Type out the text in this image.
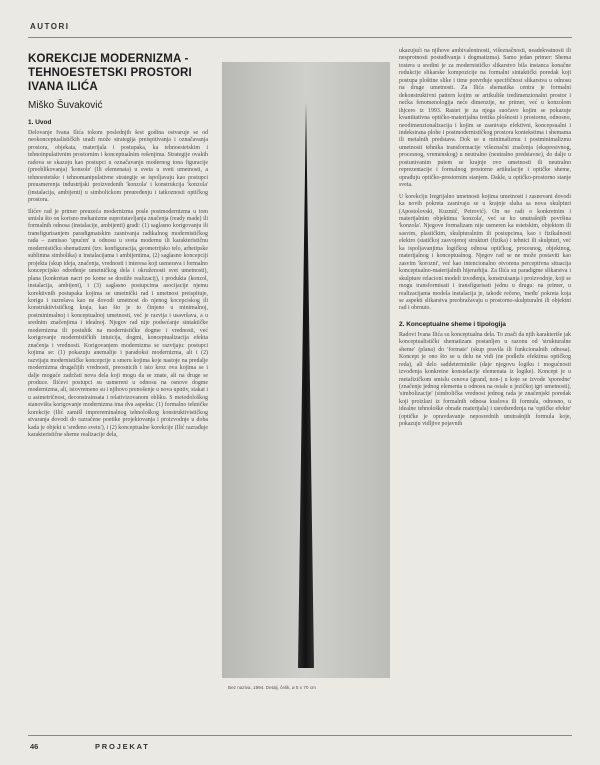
AUTORI
KOREKCIJE MODERNIZMA - TEHNOESTETSKI PROSTORI IVANA ILIĆA
Miško Šuvaković
1. Uvod

Delovanje Ivana Ilića tokom poslednjih šest godina ostvaruje se od neokonceptualističkih uradi može strategija preispitivanja i označavanja prostora, objekata, materijala i postupaka, ka tehnoestetskim i tehnoinpulativnim prostornim i konceptualnim rešenjima. Strategije ovakih radova se skazuju kao postupci u označavanju modernog tona figuracije (preoblikovanja) 'konsole' (Ili elemenata) u sveta u sveti umetnosti, a tehnoestetske i tehnomanipulativne strategije se ispoljavaju kao postupci preusmerenja industrijski proizvedenih 'konzola' i konstrukcija 'konzola' (instalacija, ambijenti) u simbolickom preuređenju i tatkoznosti optičkog prostora.

Ilićev rad je primer preuzeća modernizma posle postmodernizma u tom smislu što on korisno mehanizme suprotstavljanja značenja (ready made) ili formalnih odnosa (instalacije, ambijenti) gradi: (1) saglasno korigovanju ili transfigurisanjem paradigmatskim zasnivanja radikalnog modernističkog rada – zamisao 'upućen' u odnosu u sveta modernu ili karakterističnu modernističku shematizmi (tzv. konfiguracija, geometrijsko telo, arhetipske sublimna simbolika) u instalacijama i ambijentima, (2) saglasno koncepciji projekta (skup ideja, značenja, vrednosti i interesa koji usmerava i formalno koncepcijsko određenje umetničkog dela i okruženosti svet umetnosti), plana (konkretan nacrt po kome se dostiže realizacij), i produkta (konzol, instalacija, ambijent), i (3) saglasno postupcima asocijacije njemu korektivnih postupaka kojima se umetnički rad i umetnost preispituje, korigu i razrešava kao ne dovodi umetnost do njenog kocepciskog ili konstruktivističkog kraja, kao što je to činjeno u minimalnoj, postminimalnoj i konceptualnoj umetnosti, već je razvija i usavršava, a u srednim značenjima i idealnoj. Njegov rad nije podsećanje sintaktičke modernizma ili postuhik na modernističke dogme i vrednosti, već korigovanje modernističkih intuicija, dogmi, konceptualizacija efekta značenja i vrednosti. Korigovanjem modernizma se razvijaju: postupci kojima se: (1) pokazuju anemalije i paradoksi modernizma, ali i (2) razvijaju modernističke koncepcije u smeru kojima koje nastoje na predalje modernizma drugačijih vrednosti, preosnicih i isto kroz ova kojima se i dalje moguće zadržati nova dela koji mogu da se znate, ali na druge se produce. Ilićevi postupci su usmereni u odnosu na osnove dogme modernizma, ali, istovremeno su i njihovo prenošenje u nova uputiv, stakat i u asimetričnost, deconstrainsata i relativizovanom obliku. S metodološkog stanovišta korigovanje modernizma ima dva aspekta: (1) formalno tehničke korekcije (Ilić zamišl imprereminalnog tehnološkog konstruktivističkog stvaranja dovodi do razračene poetike projektovanja i proizvodnje u doba kada je objekt u 'sređeno svetu'), i (2) konceptualne korekcije (Ilić razrađuje karakteristične sheme realizacije dela,

Bez naziva, 1994. Detalj, čelik, ø 5 x 70 cm

ukazujući na njihove ambivalentnosti, višeznačnosti, neadekvatnosti ili nesprotnosti postuđivanja i dogmatizma). Samo jedan primer: Shema tostera u sredini je za modernističko slikarstvo bila instanca konačne redukcije slikarske kompozicije na formalni sintaktički poredak koji postupa ploštine slike i time potvrđuje specifičnost slikarstva u odnosu na druge umetnosti. Za Ilića shematika centra je formalni dekonstruktivni pattern kojim se artikuliše tredimenzionalni prostor i nećka fenomenologija neće dimenzije, ne primer, već u konzolom ihjcero iz 1993. Rastet je za njega suočavo kojim se pokazuje kvantitativna optičko-materijalna tretika plošnosti i prostorne, odnosno, neodimenzionalizacija i kojim se zasnivaju efektivni, koncepsualni i indeksirana plohe i postmodernističkog prostora kontekstima i shemama ili metalnih predstava. Dok se u minimalizmu i postminimalizmu umetnosti tehnika transformacije višeznačni značenja (ekspresivnog, procesnog, vremenskog) u neutralno (neutralno predstavne), do dalje u postunivanim putem se krajnje ovo umetnosti ili neutralno reprezentacije i formalnog prostorne artikulacije i optičke sheme, oprađuju optičko-prostornim stanjem. Dakle, u optičko-prostorno stanje sveta.

U korekciju Iregrijalno umetnosti kojima umetnosti i zasnovani dovodi ka novih pokreta zasnivaju se u krajnje sluha sa nova skulpturi (Apostolovski, Kuzmič, Petrović). On ne radi o konkretnim i materijalnim objektima 'konzola', već se ko unutrašnjih površina 'konzola'. Njegove formalizam nije usmeren ka estetskim, objektom ili sasvim, plastičkim, skulpturalnim ili postupcima, kao i fizikalnosti elektro (statičkoj zasvojenoj strukturi (fizika) i tehnici ili skulpturi, već ka ispoljavanjima logičkog odnosa optičkog, procesnog, objektnog, materijalnog i konceptualnog. Njegov rad se ne može postaviti kao zasvim 'korozni', već kao intencionalno otvorena perceptivna situacija konceptualno-materijalnih hijerarhija. Za Ilića su paradigme slikarstva i skulpture relacioni modeli izvođenja, konstruisanja i proizvodnje, koji se mogu transformisati i transfigurisati jednu u drugu: na primer, u realizacijama modela instalacija je, takođe rečeno, 'među' pokreta koja se aspekti slikarstva preobražavaju u prostorno-skulpturalni ili objektni rad i obrnuto.

2. Konceptualne sheme i tipologija

Radovi Ivana Ilića su konceptualna dela. To znači da njih karakteriše jak konceptualistički shematizam postanljen u razonu od 'strukturalne sheme' (plana) do 'formate' (skup pravila ili funkcionalnih odnosa). Koncept je ono što se u delu ne vidi (ne podleže efektima optičkog reda), ali delo saddeterminiše (daje njegovu logiku i mogućnosti izvođenja konkretne konstelacije elemenata iz logike). Koncept je u metafizičkom smislu cenova (grand, non-) u koje se izvode 'sporedne' (značenje jednog elementa u odnosu na ostale u jezičkoj igri umetnosti), 'simbolizacije' (simbolička vrednost jednog rada je značenjski poredak koji proizlazi iz formalnih odnosa kuslova ili formula, odnosno, u idealne tehnološke obrade materijala) i usredsređenja na 'optičke efekte' (optičke je opravdavanje neposrednih unutrašnjih formula koje, pokazuju vidljive pojavnih

46	PROJEKAT
